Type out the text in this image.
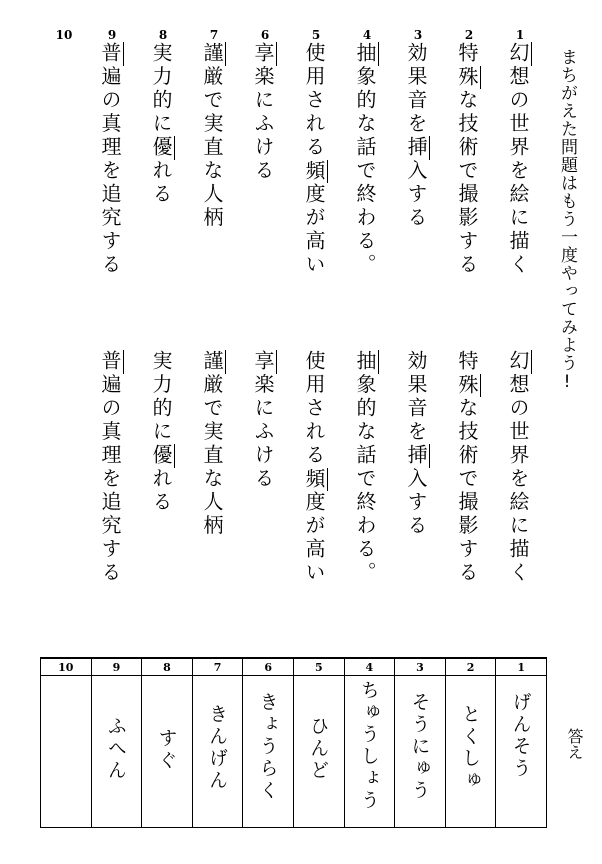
まちがえた問題はもう一度やってみよう!
1
2
3
4
5
6
7
8
9
10
幻想の世界を絵に描く
特殊な技術で撮影する
効果音を挿入する
抽象的な話で終わる。
使用される頻度が高い
享楽にふける
謹厳で実直な人柄
実力的に優れる
普遍の真理を追究する
幻想の世界を絵に描く
特殊な技術で撮影する
効果音を挿入する
抽象的な話で終わる。
使用される頻度が高い
享楽にふける
謹厳で実直な人柄
実力的に優れる
普遍の真理を追究する
答え
10	9	8	7	6	5	4	3	2	1

	ふへん	すぐ	きんげん	きょうらく	ひんど	ちゅうしょう	そうにゅう	とくしゅ	げんそう
